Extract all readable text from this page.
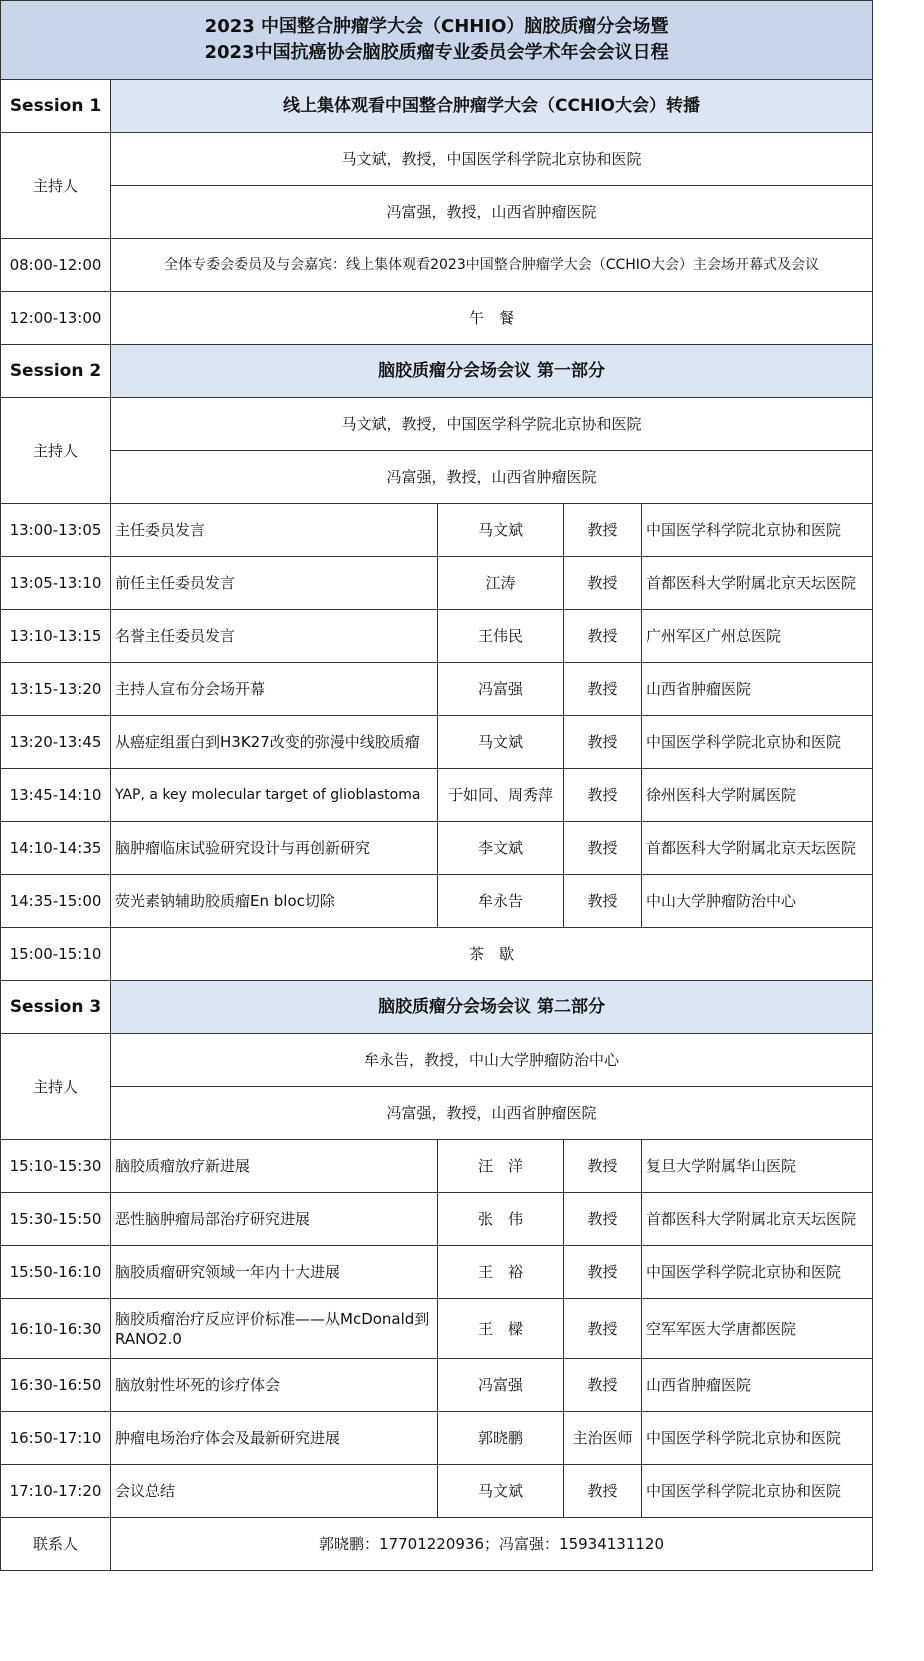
2023 中国整合肿瘤学大会（CHHIO）脑胶质瘤分会场暨
2023中国抗癌协会脑胶质瘤专业委员会学术年会会议日程				

Session 1	线上集体观看中国整合肿瘤学大会（CCHIO大会）转播			
主持人	马文斌，教授，中国医学科学院北京协和医院			
	冯富强，教授，山西省肿瘤医院			
08:00-12:00	全体专委会委员及与会嘉宾：线上集体观看2023中国整合肿瘤学大会（CCHIO大会）主会场开幕式及会议			
12:00-13:00	午　餐			
Session 2	脑胶质瘤分会场会议 第一部分			
主持人	马文斌，教授，中国医学科学院北京协和医院			
	冯富强，教授，山西省肿瘤医院			
13:00-13:05	主任委员发言	马文斌	教授	中国医学科学院北京协和医院
13:05-13:10	前任主任委员发言	江涛	教授	首都医科大学附属北京天坛医院
13:10-13:15	名誉主任委员发言	王伟民	教授	广州军区广州总医院
13:15-13:20	主持人宣布分会场开幕	冯富强	教授	山西省肿瘤医院
13:20-13:45	从癌症组蛋白到H3K27改变的弥漫中线胶质瘤	马文斌	教授	中国医学科学院北京协和医院
13:45-14:10	YAP, a key molecular target of glioblastoma	于如同、周秀萍	教授	徐州医科大学附属医院
14:10-14:35	脑肿瘤临床试验研究设计与再创新研究	李文斌	教授	首都医科大学附属北京天坛医院
14:35-15:00	荧光素钠辅助胶质瘤En bloc切除	牟永告	教授	中山大学肿瘤防治中心
15:00-15:10	茶　歇			
Session 3	脑胶质瘤分会场会议 第二部分			
主持人	牟永告，教授，中山大学肿瘤防治中心			
	冯富强，教授，山西省肿瘤医院			
15:10-15:30	脑胶质瘤放疗新进展	汪　洋	教授	复旦大学附属华山医院
15:30-15:50	恶性脑肿瘤局部治疗研究进展	张　伟	教授	首都医科大学附属北京天坛医院
15:50-16:10	脑胶质瘤研究领域一年内十大进展	王　裕	教授	中国医学科学院北京协和医院
16:10-16:30	脑胶质瘤治疗反应评价标准——从McDonald到RANO2.0	王　樑	教授	空军军医大学唐都医院
16:30-16:50	脑放射性坏死的诊疗体会	冯富强	教授	山西省肿瘤医院
16:50-17:10	肿瘤电场治疗体会及最新研究进展	郭晓鹏	主治医师	中国医学科学院北京协和医院
17:10-17:20	会议总结	马文斌	教授	中国医学科学院北京协和医院
联系人	郭晓鹏：17701220936；冯富强：15934131120			
